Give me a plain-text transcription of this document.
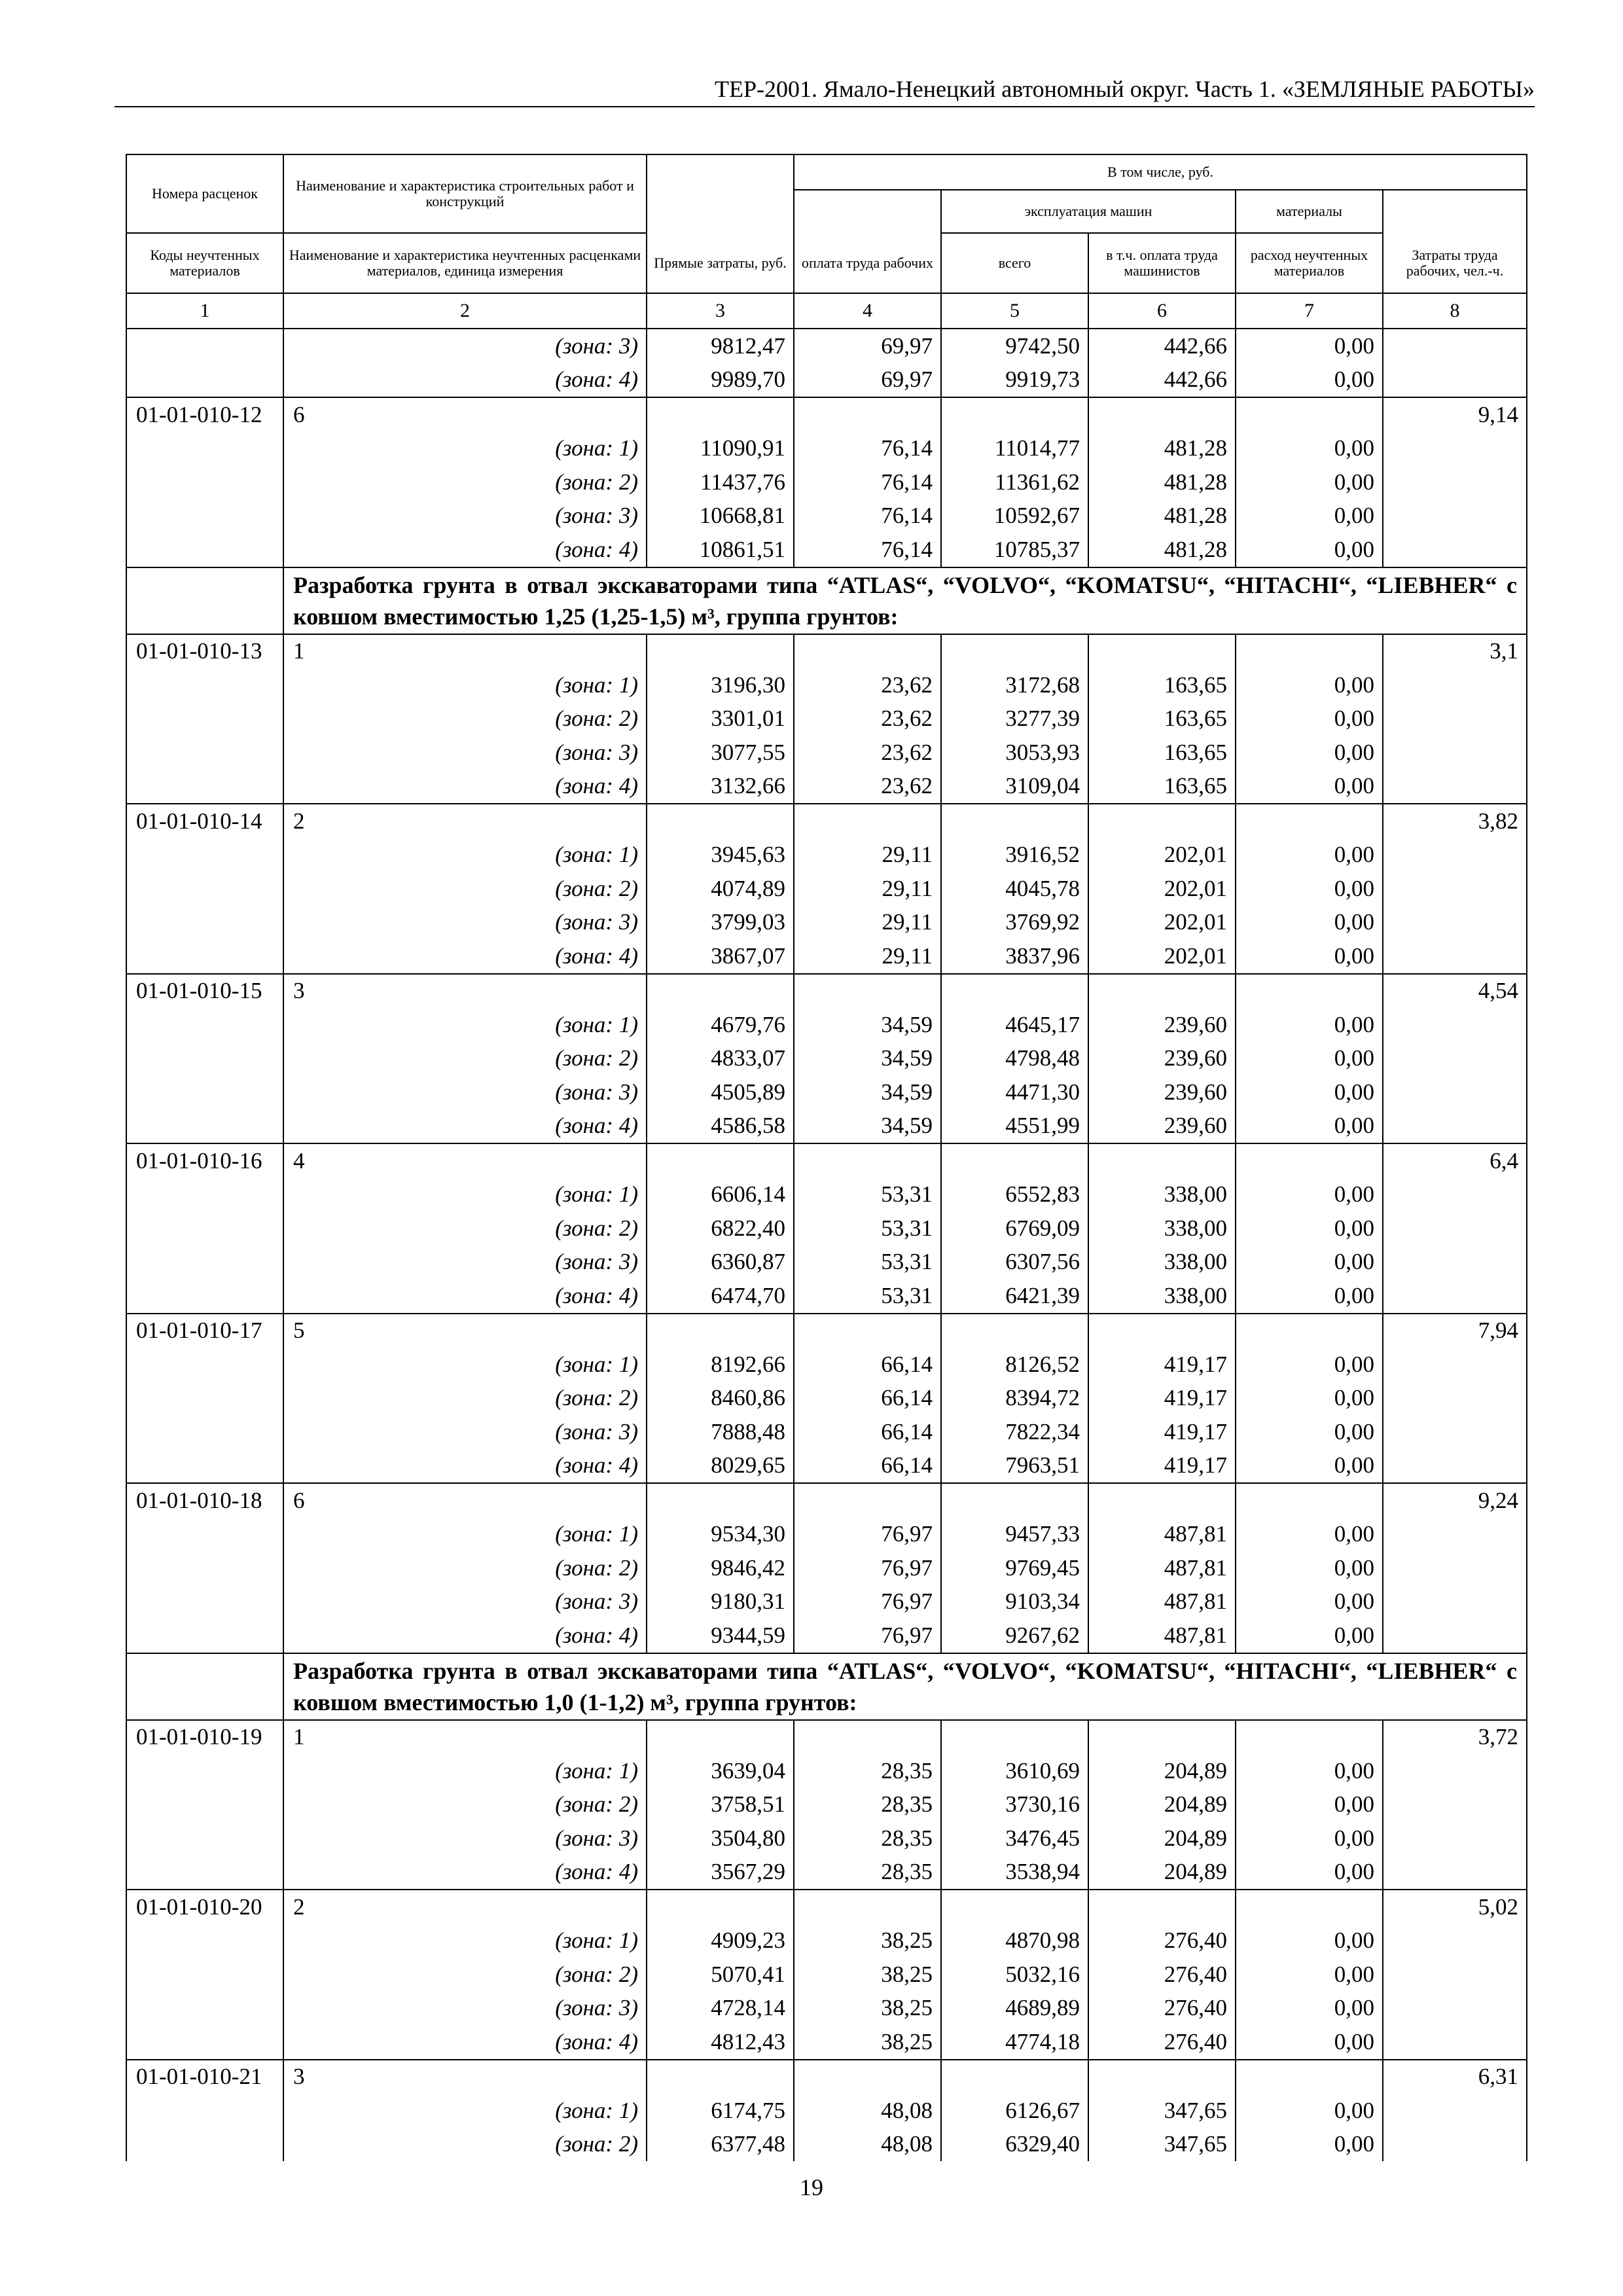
ТЕР-2001. Ямало-Ненецкий автономный округ. Часть 1. «ЗЕМЛЯНЫЕ РАБОТЫ»
Номера расценок	Наименование и характеристика строительных работ и конструкций		В том числе, руб.					
				эксплуатация машин		материалы		
Коды неучтенных материалов	Наименование и характеристика неучтенных расценками материалов, единица измерения	Прямые затраты, руб.	оплата труда рабочих	всего	в т.ч. оплата труда машинистов	расход неучтенных материалов	Затраты труда рабочих, чел.-ч.	
1	2	3	4	5	6	7	8	
	(зона: 3)	9812,47	69,97	9742,50	442,66	0,00		
	(зона: 4)	9989,70	69,97	9919,73	442,66	0,00		
01-01-010-12	6						9,14	
	(зона: 1)	11090,91	76,14	11014,77	481,28	0,00		
	(зона: 2)	11437,76	76,14	11361,62	481,28	0,00		
	(зона: 3)	10668,81	76,14	10592,67	481,28	0,00		
	(зона: 4)	10861,51	76,14	10785,37	481,28	0,00		
	Разработка грунта в отвал экскаваторами типа “ATLAS“, “VOLVO“, “KOMATSU“, “HITACHI“, “LIEBHER“ с ковшом вместимостью 1,25 (1,25-1,5) м³, группа грунтов:							
01-01-010-13	1						3,1	
	(зона: 1)	3196,30	23,62	3172,68	163,65	0,00		
	(зона: 2)	3301,01	23,62	3277,39	163,65	0,00		
	(зона: 3)	3077,55	23,62	3053,93	163,65	0,00		
	(зона: 4)	3132,66	23,62	3109,04	163,65	0,00		
01-01-010-14	2						3,82	
	(зона: 1)	3945,63	29,11	3916,52	202,01	0,00		
	(зона: 2)	4074,89	29,11	4045,78	202,01	0,00		
	(зона: 3)	3799,03	29,11	3769,92	202,01	0,00		
	(зона: 4)	3867,07	29,11	3837,96	202,01	0,00		
01-01-010-15	3						4,54	
	(зона: 1)	4679,76	34,59	4645,17	239,60	0,00		
	(зона: 2)	4833,07	34,59	4798,48	239,60	0,00		
	(зона: 3)	4505,89	34,59	4471,30	239,60	0,00		
	(зона: 4)	4586,58	34,59	4551,99	239,60	0,00		
01-01-010-16	4						6,4	
	(зона: 1)	6606,14	53,31	6552,83	338,00	0,00		
	(зона: 2)	6822,40	53,31	6769,09	338,00	0,00		
	(зона: 3)	6360,87	53,31	6307,56	338,00	0,00		
	(зона: 4)	6474,70	53,31	6421,39	338,00	0,00		
01-01-010-17	5						7,94	
	(зона: 1)	8192,66	66,14	8126,52	419,17	0,00		
	(зона: 2)	8460,86	66,14	8394,72	419,17	0,00		
	(зона: 3)	7888,48	66,14	7822,34	419,17	0,00		
	(зона: 4)	8029,65	66,14	7963,51	419,17	0,00		
01-01-010-18	6						9,24	
	(зона: 1)	9534,30	76,97	9457,33	487,81	0,00		
	(зона: 2)	9846,42	76,97	9769,45	487,81	0,00		
	(зона: 3)	9180,31	76,97	9103,34	487,81	0,00		
	(зона: 4)	9344,59	76,97	9267,62	487,81	0,00		
	Разработка грунта в отвал экскаваторами типа “ATLAS“, “VOLVO“, “KOMATSU“, “HITACHI“, “LIEBHER“ с ковшом вместимостью 1,0 (1-1,2) м³, группа грунтов:							
01-01-010-19	1						3,72	
	(зона: 1)	3639,04	28,35	3610,69	204,89	0,00		
	(зона: 2)	3758,51	28,35	3730,16	204,89	0,00		
	(зона: 3)	3504,80	28,35	3476,45	204,89	0,00		
	(зона: 4)	3567,29	28,35	3538,94	204,89	0,00		
01-01-010-20	2						5,02	
	(зона: 1)	4909,23	38,25	4870,98	276,40	0,00		
	(зона: 2)	5070,41	38,25	5032,16	276,40	0,00		
	(зона: 3)	4728,14	38,25	4689,89	276,40	0,00		
	(зона: 4)	4812,43	38,25	4774,18	276,40	0,00		
01-01-010-21	3						6,31	
	(зона: 1)	6174,75	48,08	6126,67	347,65	0,00		
	(зона: 2)	6377,48	48,08	6329,40	347,65	0,00		
19
